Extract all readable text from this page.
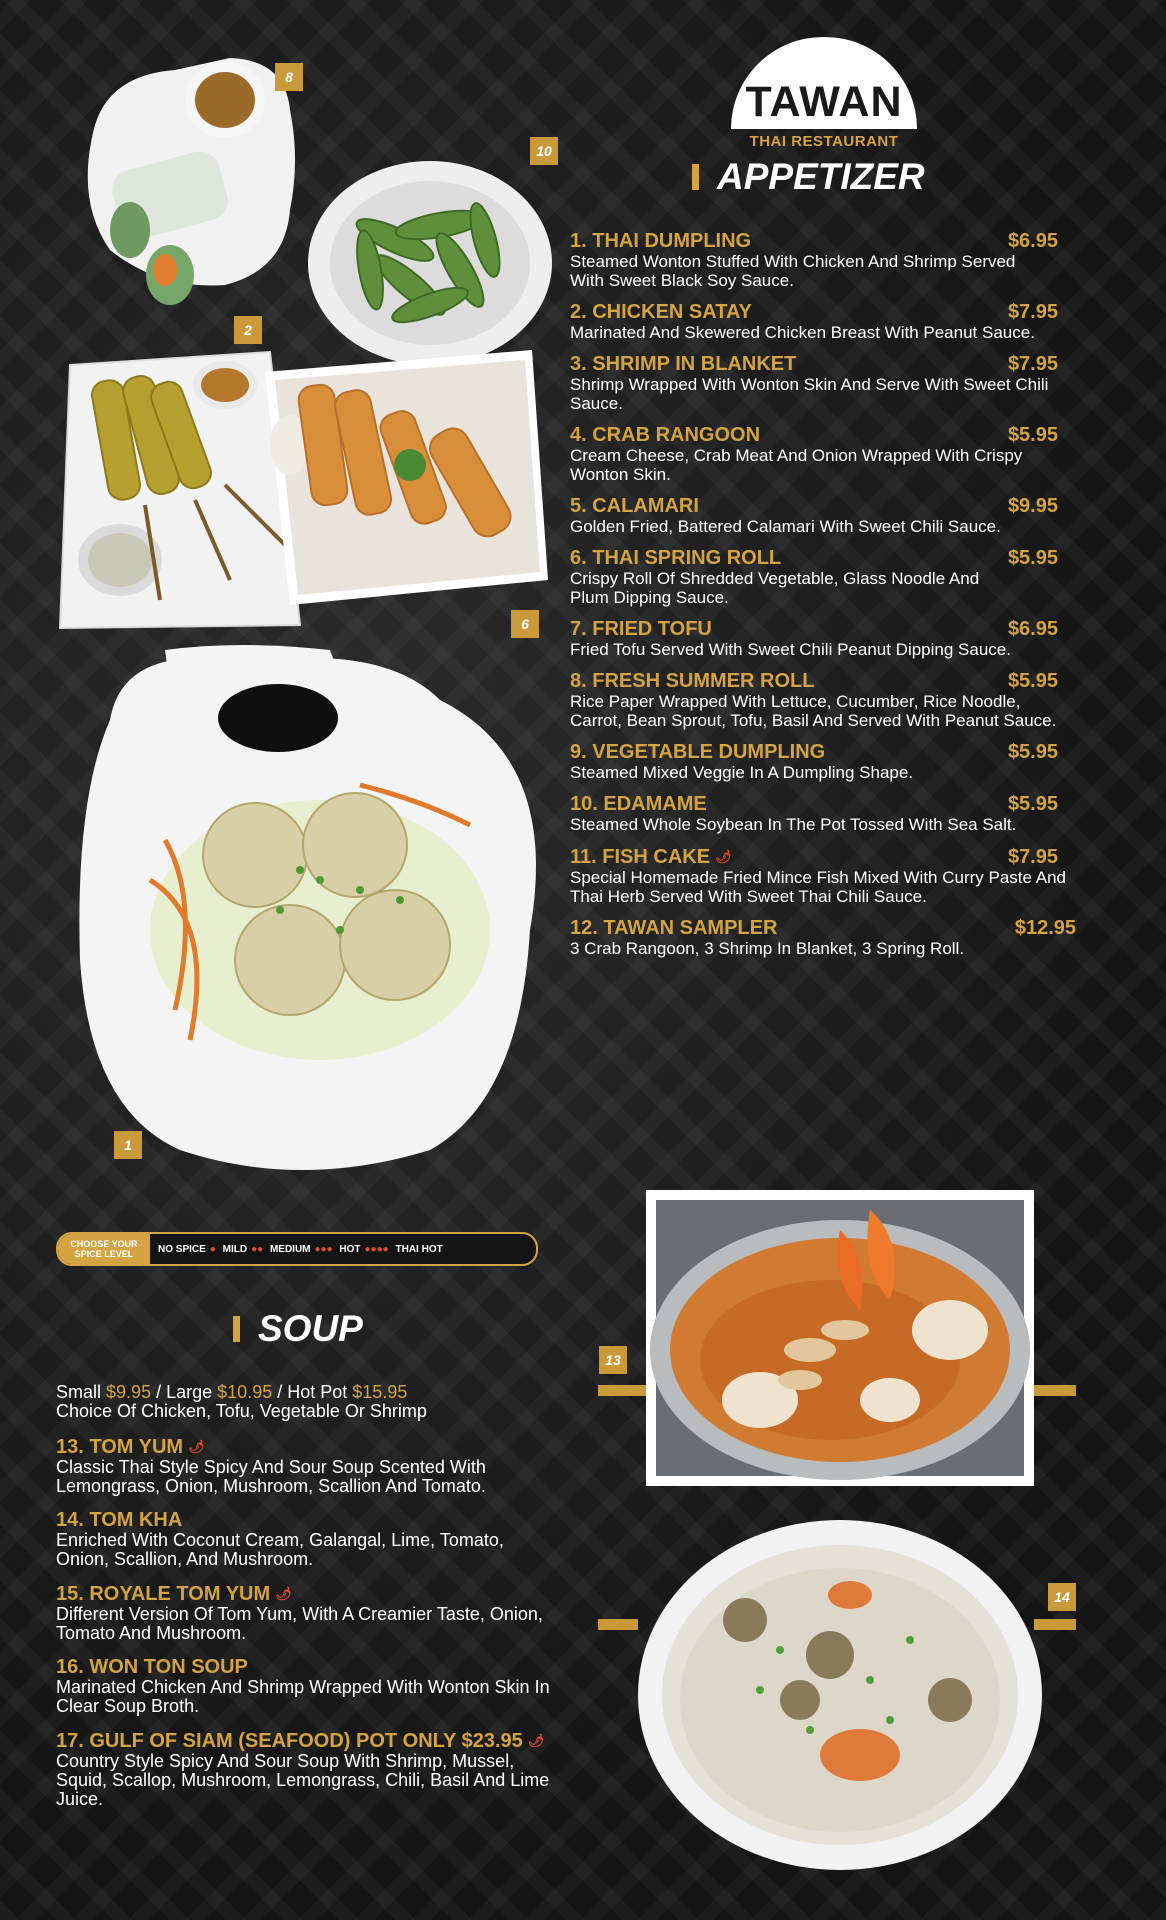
8
10
2
6
1
13
14
TAWAN
THAI RESTAURANT
APPETIZER
1. THAI DUMPLING	$6.95
Steamed Wonton Stuffed With Chicken And Shrimp Served With Sweet Black Soy Sauce.
2. CHICKEN SATAY	$7.95
Marinated And Skewered Chicken Breast With Peanut Sauce.
3. SHRIMP IN BLANKET	$7.95
Shrimp Wrapped With Wonton Skin And Serve With Sweet Chili Sauce.
4. CRAB RANGOON	$5.95
Cream Cheese, Crab Meat And Onion Wrapped With Crispy Wonton Skin.
5. CALAMARI	$9.95
Golden Fried, Battered Calamari With Sweet Chili Sauce.
6. THAI SPRING ROLL	$5.95
Crispy Roll Of Shredded Vegetable, Glass Noodle And Plum Dipping Sauce.
7. FRIED TOFU	$6.95
Fried Tofu Served With Sweet Chili Peanut Dipping Sauce.
8. FRESH SUMMER ROLL	$5.95
Rice Paper Wrapped With Lettuce, Cucumber, Rice Noodle, Carrot, Bean Sprout, Tofu, Basil And Served With Peanut Sauce.
9. VEGETABLE DUMPLING	$5.95
Steamed Mixed Veggie In A Dumpling Shape.
10. EDAMAME	$5.95
Steamed Whole Soybean In The Pot Tossed With Sea Salt.
11. FISH CAKE 🌶	$7.95
Special Homemade Fried Mince Fish Mixed With Curry Paste And Thai Herb Served With Sweet Thai Chili Sauce.
12. TAWAN SAMPLER	$12.95
3 Crab Rangoon, 3 Shrimp In Blanket, 3 Spring Roll.
CHOOSE YOUR SPICE LEVEL	NO SPICE ● MILD ●● MEDIUM ●●● HOT ●●●● THAI HOT
SOUP
Small $9.95 / Large $10.95 / Hot Pot $15.95
Choice Of Chicken, Tofu, Vegetable Or Shrimp
13. TOM YUM 🌶
Classic Thai Style Spicy And Sour Soup Scented With Lemongrass, Onion, Mushroom, Scallion And Tomato.
14. TOM KHA
Enriched With Coconut Cream, Galangal, Lime, Tomato, Onion, Scallion, And Mushroom.
15. ROYALE TOM YUM 🌶
Different Version Of Tom Yum, With A Creamier Taste, Onion, Tomato And Mushroom.
16. WON TON SOUP
Marinated Chicken And Shrimp Wrapped With Wonton Skin In Clear Soup Broth.
17. GULF OF SIAM (SEAFOOD) POT ONLY $23.95 🌶
Country Style Spicy And Sour Soup With Shrimp, Mussel, Squid, Scallop, Mushroom, Lemongrass, Chili, Basil And Lime Juice.
